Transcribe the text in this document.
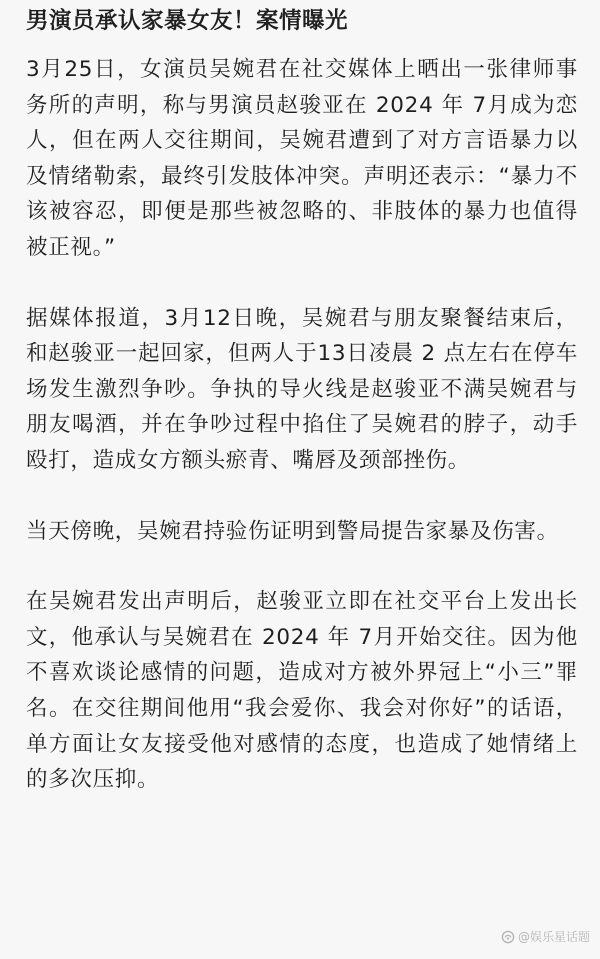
男演员承认家暴女友！案情曝光

3月25日，女演员吴婉君在社交媒体上晒出一张律师事务所的声明，称与男演员赵骏亚在 2024 年 7月成为恋人，但在两人交往期间，吴婉君遭到了对方言语暴力以及情绪勒索，最终引发肢体冲突。声明还表示：“暴力不该被容忍，即便是那些被忽略的、非肢体的暴力也值得被正视。”

据媒体报道，3月12日晚，吴婉君与朋友聚餐结束后，和赵骏亚一起回家，但两人于13日凌晨 2 点左右在停车场发生激烈争吵。争执的导火线是赵骏亚不满吴婉君与朋友喝酒，并在争吵过程中掐住了吴婉君的脖子，动手殴打，造成女方额头瘀青、嘴唇及颈部挫伤。

当天傍晚，吴婉君持验伤证明到警局提告家暴及伤害。

在吴婉君发出声明后，赵骏亚立即在社交平台上发出长文，他承认与吴婉君在 2024 年 7月开始交往。因为他不喜欢谈论感情的问题，造成对方被外界冠上“小三”罪名。在交往期间他用“我会爱你、我会对你好”的话语，单方面让女友接受他对感情的态度，也造成了她情绪上的多次压抑。

@娱乐星话题
